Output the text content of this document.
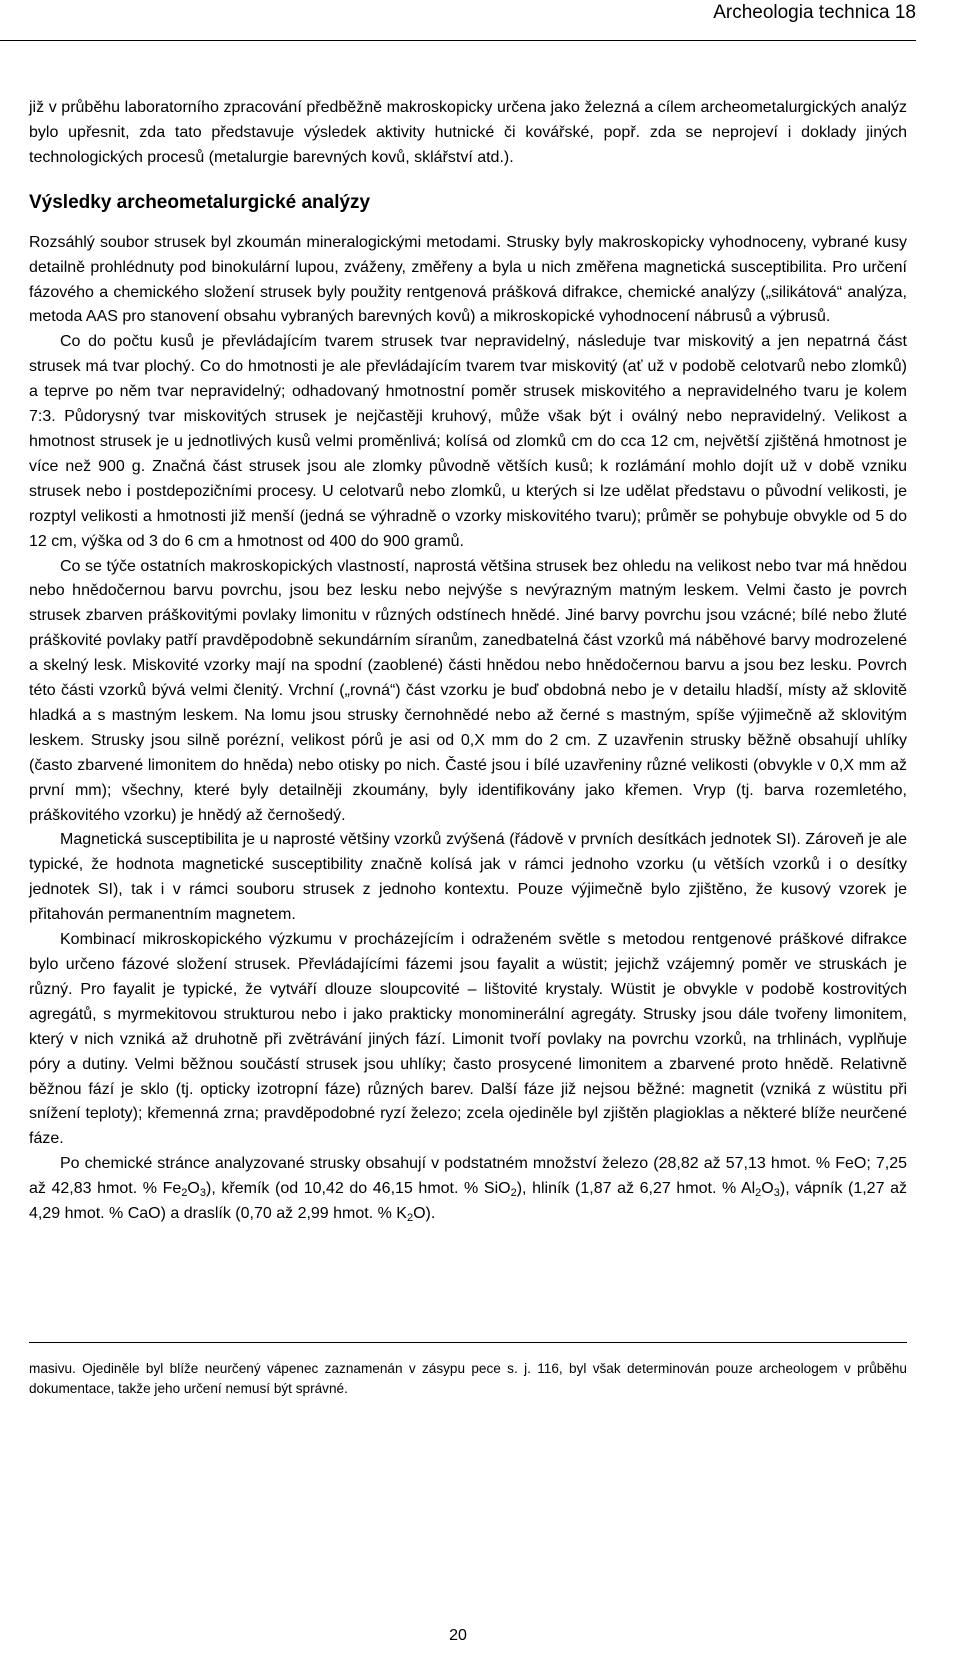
Archeologia technica 18

již v průběhu laboratorního zpracování předběžně makroskopicky určena jako železná a cílem archeometalurgických analýz bylo upřesnit, zda tato představuje výsledek aktivity hutnické či kovářské, popř. zda se neprojeví i doklady jiných technologických procesů (metalurgie barevných kovů, sklářství atd.).

Výsledky archeometalurgické analýzy

Rozsáhlý soubor strusek byl zkoumán mineralogickými metodami. Strusky byly makroskopicky vyhodnoceny, vybrané kusy detailně prohlédnuty pod binokulární lupou, zváženy, změřeny a byla u nich změřena magnetická susceptibilita. Pro určení fázového a chemického složení strusek byly použity rentgenová prášková difrakce, chemické analýzy („silikátová“ analýza, metoda AAS pro stanovení obsahu vybraných barevných kovů) a mikroskopické vyhodnocení nábrusů a výbrusů.

Co do počtu kusů je převládajícím tvarem strusek tvar nepravidelný, následuje tvar miskovitý a jen nepatrná část strusek má tvar plochý. Co do hmotnosti je ale převládajícím tvarem tvar miskovitý (ať už v podobě celotvarů nebo zlomků) a teprve po něm tvar nepravidelný; odhadovaný hmotnostní poměr strusek miskovitého a nepravidelného tvaru je kolem 7:3. Půdorysný tvar miskovitých strusek je nejčastěji kruhový, může však být i oválný nebo nepravidelný. Velikost a hmotnost strusek je u jednotlivých kusů velmi proměnlivá; kolísá od zlomků cm do cca 12 cm, největší zjištěná hmotnost je více než 900 g. Značná část strusek jsou ale zlomky původně větších kusů; k rozlámání mohlo dojít už v době vzniku strusek nebo i postdepozičními procesy. U celotvarů nebo zlomků, u kterých si lze udělat představu o původní velikosti, je rozptyl velikosti a hmotnosti již menší (jedná se výhradně o vzorky miskovitého tvaru); průměr se pohybuje obvykle od 5 do 12 cm, výška od 3 do 6 cm a hmotnost od 400 do 900 gramů.

Co se týče ostatních makroskopických vlastností, naprostá většina strusek bez ohledu na velikost nebo tvar má hnědou nebo hnědočernou barvu povrchu, jsou bez lesku nebo nejvýše s nevýrazným matným leskem. Velmi často je povrch strusek zbarven práškovitými povlaky limonitu v různých odstínech hnědé. Jiné barvy povrchu jsou vzácné; bílé nebo žluté práškovité povlaky patří pravděpodobně sekundárním síranům, zanedbatelná část vzorků má náběhové barvy modrozelené a skelný lesk. Miskovité vzorky mají na spodní (zaoblené) části hnědou nebo hnědočernou barvu a jsou bez lesku. Povrch této části vzorků bývá velmi členitý. Vrchní („rovná“) část vzorku je buď obdobná nebo je v detailu hladší, místy až sklovitě hladká a s mastným leskem. Na lomu jsou strusky černohnědé nebo až černé s mastným, spíše výjimečně až sklovitým leskem. Strusky jsou silně porézní, velikost pórů je asi od 0,X mm do 2 cm. Z uzavřenin strusky běžně obsahují uhlíky (často zbarvené limonitem do hněda) nebo otisky po nich. Časté jsou i bílé uzavřeniny různé velikosti (obvykle v 0,X mm až první mm); všechny, které byly detailněji zkoumány, byly identifikovány jako křemen. Vryp (tj. barva rozemletého, práškovitého vzorku) je hnědý až černošedý.

Magnetická susceptibilita je u naprosté většiny vzorků zvýšená (řádově v prvních desítkách jednotek SI). Zároveň je ale typické, že hodnota magnetické susceptibility značně kolísá jak v rámci jednoho vzorku (u větších vzorků i o desítky jednotek SI), tak i v rámci souboru strusek z jednoho kontextu. Pouze výjimečně bylo zjištěno, že kusový vzorek je přitahován permanentním magnetem.

Kombinací mikroskopického výzkumu v procházejícím i odraženém světle s metodou rentgenové práškové difrakce bylo určeno fázové složení strusek. Převládajícími fázemi jsou fayalit a wüstit; jejichž vzájemný poměr ve struskách je různý. Pro fayalit je typické, že vytváří dlouze sloupcovité – lištovité krystaly. Wüstit je obvykle v podobě kostrovitých agregátů, s myrmekitovou strukturou nebo i jako prakticky monominerální agregáty. Strusky jsou dále tvořeny limonitem, který v nich vzniká až druhotně při zvětrávání jiných fází. Limonit tvoří povlaky na povrchu vzorků, na trhlinách, vyplňuje póry a dutiny. Velmi běžnou součástí strusek jsou uhlíky; často prosycené limonitem a zbarvené proto hnědě. Relativně běžnou fází je sklo (tj. opticky izotropní fáze) různých barev. Další fáze již nejsou běžné: magnetit (vzniká z wüstitu při snížení teploty); křemenná zrna; pravděpodobné ryzí železo; zcela ojediněle byl zjištěn plagioklas a některé blíže neurčené fáze.

Po chemické stránce analyzované strusky obsahují v podstatném množství železo (28,82 až 57,13 hmot. % FeO; 7,25 až 42,83 hmot. % $Fe_2O_3$), křemík (od 10,42 do 46,15 hmot. % SiO$_2$), hliník (1,87 až 6,27 hmot. % $Al_2O_3$), vápník (1,27 až 4,29 hmot. % CaO) a draslík (0,70 až 2,99 hmot. % $K_2O$).

masivu. Ojediněle byl blíže neurčený vápenec zaznamenán v zásypu pece s. j. 116, byl však determinován pouze archeologem v průběhu dokumentace, takže jeho určení nemusí být správné.

20
